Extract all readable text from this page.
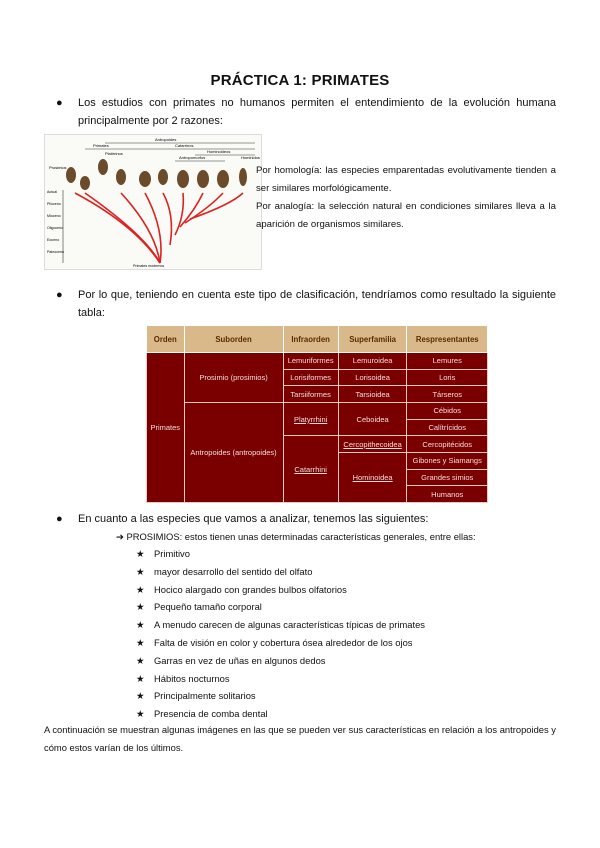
PRÁCTICA 1: PRIMATES
●	Los estudios con primates no humanos permiten el entendimiento de la evolución humana principalmente por 2 razones:
Antropoides
Primates	Catarrinos
Hominoideos
Antropomorfos	Hominidos
Platirrinos
Prosimios
Actual
Plioceno
Mioceno
Oligoceno
Eoceno
Paleoceno
Primates modernos
Por homología: las especies emparentadas evolutivamente tienden a ser similares morfológicamente.
Por analogía: la selección natural en condiciones similares lleva a la aparición de organismos similares.
●	Por lo que, teniendo en cuenta este tipo de clasificación, tendríamos como resultado la siguiente tabla:
Orden	Suborden	Infraorden	Superfamilia	Respresentantes
Primates	Prosimio (prosimios)	Lemuriformes	Lemuroidea	Lemures
		Lorisiformes	Lorisoidea	Loris
		Tarsiiformes	Tarsioidea	Társeros
	Antropoides (antropoides)	Platyrrhini	Ceboidea	Cébidos
				Calítrícidos
		Catarrhini	Cercopithecoidea	Cercopitécidos
			Hominoidea	Gibones y Siamangs
				Grandes simios
				Humanos
●	En cuanto a las especies que vamos a analizar, tenemos las siguientes:
➔ PROSIMIOS: estos tienen unas determinadas características generales, entre ellas:
★ Primitivo
★ mayor desarrollo del sentido del olfato
★ Hocico alargado con grandes bulbos olfatorios
★ Pequeño tamaño corporal
★ A menudo carecen de algunas características típicas de primates
★ Falta de visión en color y cobertura ósea alrededor de los ojos
★ Garras en vez de uñas en algunos dedos
★ Hábitos nocturnos
★ Principalmente solitarios
★ Presencia de comba dental
A continuación se muestran algunas imágenes en las que se pueden ver sus características en relación a los antropoides y cómo estos varían de los últimos.
